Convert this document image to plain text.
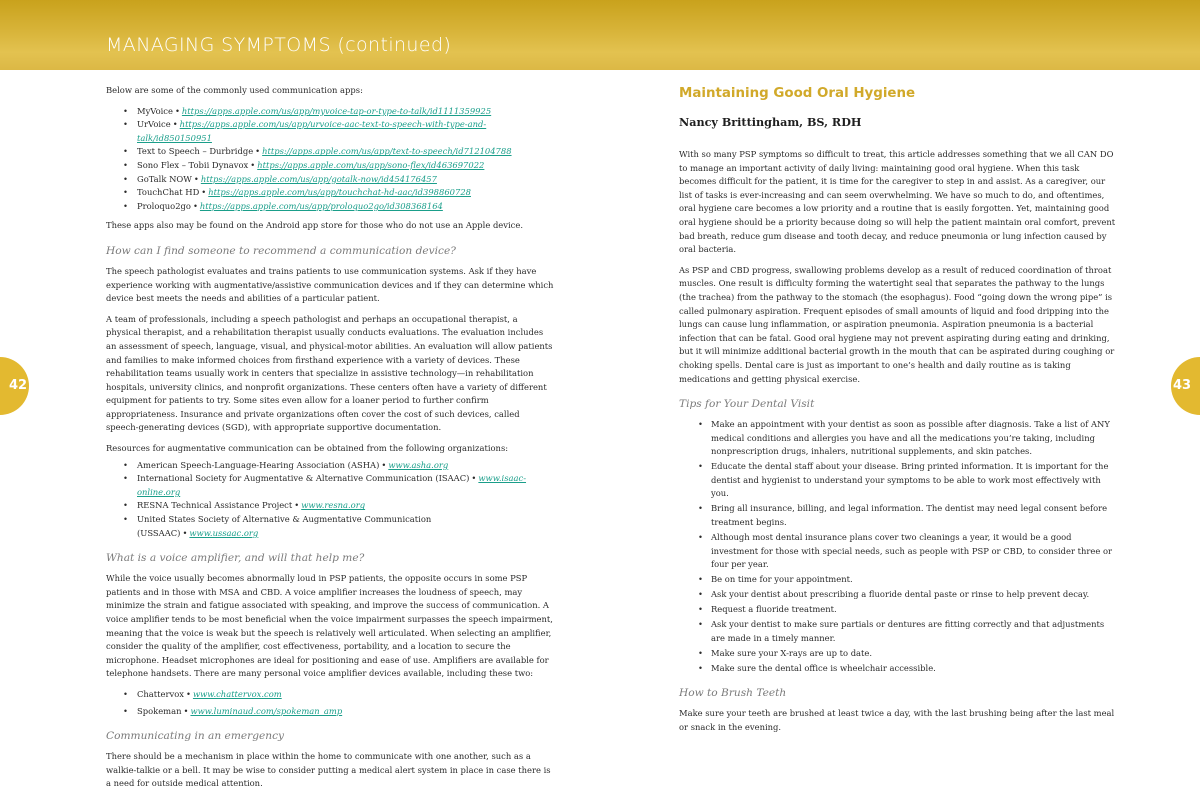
MANAGING SYMPTOMS (continued)
42	43

Below are some of the commonly used communication apps:

• MyVoice • https://apps.apple.com/us/app/myvoice-tap-or-type-to-talk/id1111359925
• UrVoice • https://apps.apple.com/us/app/urvoice-aac-text-to-speech-with-type-and-talk/id850150951
• Text to Speech – Durbridge • https://apps.apple.com/us/app/text-to-speech/id712104788
• Sono Flex – Tobii Dynavox • https://apps.apple.com/us/app/sono-flex/id463697022
• GoTalk NOW • https://apps.apple.com/us/app/gotalk-now/id454176457
• TouchChat HD • https://apps.apple.com/us/app/touchchat-hd-aac/id398860728
• Proloquo2go • https://apps.apple.com/us/app/proloquo2go/id308368164

These apps also may be found on the Android app store for those who do not use an Apple device.

How can I find someone to recommend a communication device?

The speech pathologist evaluates and trains patients to use communication systems. Ask if they have experience working with augmentative/assistive communication devices and if they can determine which device best meets the needs and abilities of a particular patient.

A team of professionals, including a speech pathologist and perhaps an occupational therapist, a physical therapist, and a rehabilitation therapist usually conducts evaluations. The evaluation includes an assessment of speech, language, visual, and physical-motor abilities. An evaluation will allow patients and families to make informed choices from firsthand experience with a variety of devices. These rehabilitation teams usually work in centers that specialize in assistive technology—in rehabilitation hospitals, university clinics, and nonprofit organizations. These centers often have a variety of different equipment for patients to try. Some sites even allow for a loaner period to further confirm appropriateness. Insurance and private organizations often cover the cost of such devices, called speech-generating devices (SGD), with appropriate supportive documentation.

Resources for augmentative communication can be obtained from the following organizations:

• American Speech-Language-Hearing Association (ASHA) • www.asha.org
• International Society for Augmentative & Alternative Communication (ISAAC) • www.isaac-online.org
• RESNA Technical Assistance Project • www.resna.org
• United States Society of Alternative & Augmentative Communication (USSAAC) • www.ussaac.org
What is a voice amplifier, and will that help me?

While the voice usually becomes abnormally loud in PSP patients, the opposite occurs in some PSP patients and in those with MSA and CBD. A voice amplifier increases the loudness of speech, may minimize the strain and fatigue associated with speaking, and improve the success of communication. A voice amplifier tends to be most beneficial when the voice impairment surpasses the speech impairment, meaning that the voice is weak but the speech is relatively well articulated. When selecting an amplifier, consider the quality of the amplifier, cost effectiveness, portability, and a location to secure the microphone. Headset microphones are ideal for positioning and ease of use. Amplifiers are available for telephone handsets. There are many personal voice amplifier devices available, including these two:

• Chattervox • www.chattervox.com
• Spokeman • www.luminaud.com/spokeman_amp
Communicating in an emergency

There should be a mechanism in place within the home to communicate with one another, such as a walkie-talkie or a bell. It may be wise to consider putting a medical alert system in place in case there is a need for outside medical attention.

Maintaining Good Oral Hygiene
Nancy Brittingham, BS, RDH

With so many PSP symptoms so difficult to treat, this article addresses something that we all CAN DO to manage an important activity of daily living: maintaining good oral hygiene. When this task becomes difficult for the patient, it is time for the caregiver to step in and assist. As a caregiver, our list of tasks is ever-increasing and can seem overwhelming. We have so much to do, and oftentimes, oral hygiene care becomes a low priority and a routine that is easily forgotten. Yet, maintaining good oral hygiene should be a priority because doing so will help the patient maintain oral comfort, prevent bad breath, reduce gum disease and tooth decay, and reduce pneumonia or lung infection caused by oral bacteria.

As PSP and CBD progress, swallowing problems develop as a result of reduced coordination of throat muscles. One result is difficulty forming the watertight seal that separates the pathway to the lungs (the trachea) from the pathway to the stomach (the esophagus). Food “going down the wrong pipe” is called pulmonary aspiration. Frequent episodes of small amounts of liquid and food dripping into the lungs can cause lung inflammation, or aspiration pneumonia. Aspiration pneumonia is a bacterial infection that can be fatal. Good oral hygiene may not prevent aspirating during eating and drinking, but it will minimize additional bacterial growth in the mouth that can be aspirated during coughing or choking spells. Dental care is just as important to one’s health and daily routine as is taking medications and getting physical exercise.

Tips for Your Dental Visit
• Make an appointment with your dentist as soon as possible after diagnosis. Take a list of ANY medical conditions and allergies you have and all the medications you’re taking, including nonprescription drugs, inhalers, nutritional supplements, and skin patches.
• Educate the dental staff about your disease. Bring printed information. It is important for the dentist and hygienist to understand your symptoms to be able to work most effectively with you.
• Bring all insurance, billing, and legal information. The dentist may need legal consent before treatment begins.
• Although most dental insurance plans cover two cleanings a year, it would be a good investment for those with special needs, such as people with PSP or CBD, to consider three or four per year.
• Be on time for your appointment.
• Ask your dentist about prescribing a fluoride dental paste or rinse to help prevent decay.
• Request a fluoride treatment.
• Ask your dentist to make sure partials or dentures are fitting correctly and that adjustments are made in a timely manner.
• Make sure your X-rays are up to date.
• Make sure the dental office is wheelchair accessible.
How to Brush Teeth

Make sure your teeth are brushed at least twice a day, with the last brushing being after the last meal or snack in the evening.
